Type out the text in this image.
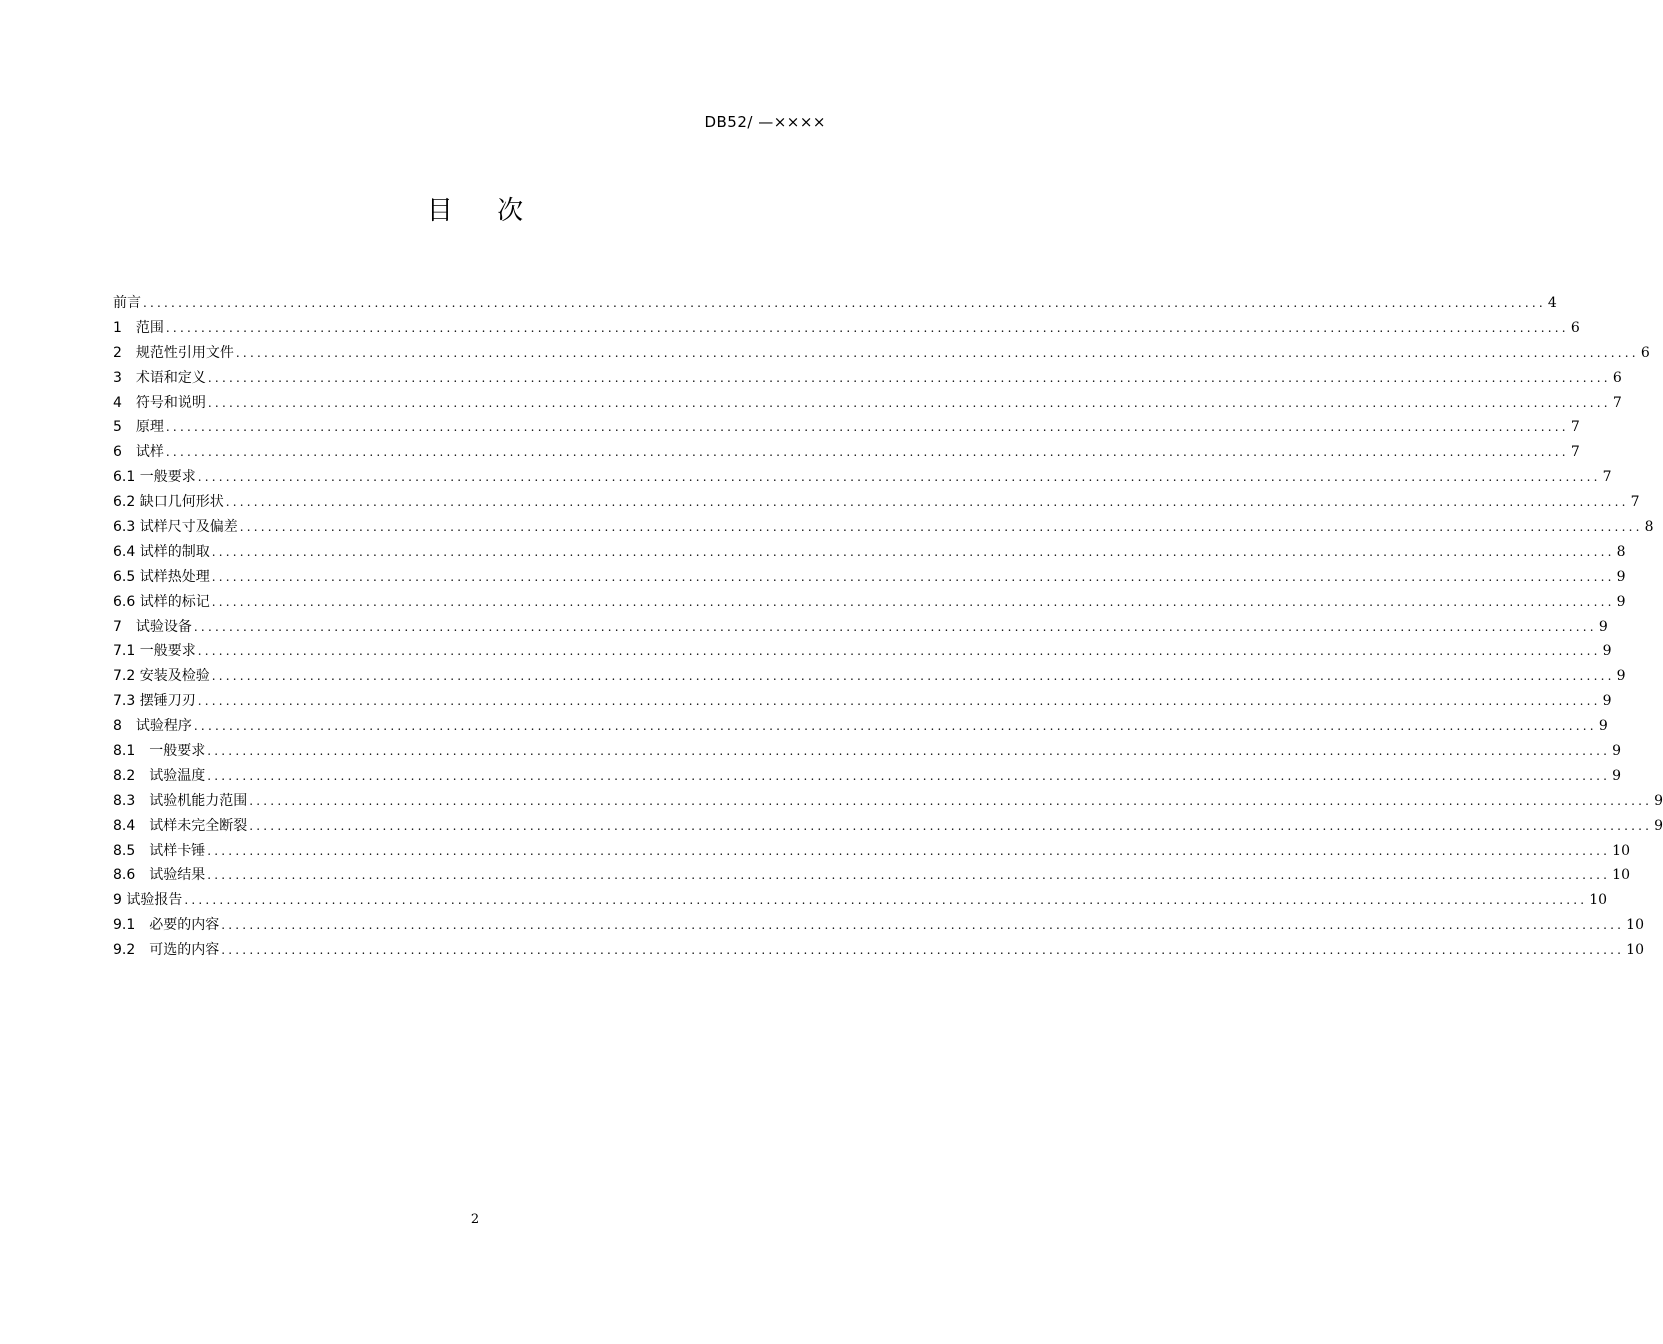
DB52/ —××××
目 次
前言 ........................................................................................................................................................................................................ 4
1　范围 ........................................................................................................................................................................................................ 6
2　规范性引用文件 ........................................................................................................................................................................................................ 6
3　术语和定义 ........................................................................................................................................................................................................ 6
4　符号和说明 ........................................................................................................................................................................................................ 7
5　原理 ........................................................................................................................................................................................................ 7
6　试样 ........................................................................................................................................................................................................ 7
6.1 一般要求 ........................................................................................................................................................................................................ 7
6.2 缺口几何形状 ........................................................................................................................................................................................................ 7
6.3 试样尺寸及偏差 ........................................................................................................................................................................................................ 8
6.4 试样的制取 ........................................................................................................................................................................................................ 8
6.5 试样热处理 ........................................................................................................................................................................................................ 9
6.6 试样的标记 ........................................................................................................................................................................................................ 9
7　试验设备 ........................................................................................................................................................................................................ 9
7.1 一般要求 ........................................................................................................................................................................................................ 9
7.2 安装及检验 ........................................................................................................................................................................................................ 9
7.3 摆锤刀刃 ........................................................................................................................................................................................................ 9
8　试验程序 ........................................................................................................................................................................................................ 9
8.1　一般要求 ........................................................................................................................................................................................................ 9
8.2　试验温度 ........................................................................................................................................................................................................ 9
8.3　试验机能力范围 ........................................................................................................................................................................................................ 9
8.4　试样未完全断裂 ........................................................................................................................................................................................................ 9
8.5　试样卡锤 ........................................................................................................................................................................................................ 10
8.6　试验结果 ........................................................................................................................................................................................................ 10
9 试验报告 ........................................................................................................................................................................................................ 10
9.1　必要的内容 ........................................................................................................................................................................................................ 10
9.2　可选的内容 ........................................................................................................................................................................................................ 10
2
